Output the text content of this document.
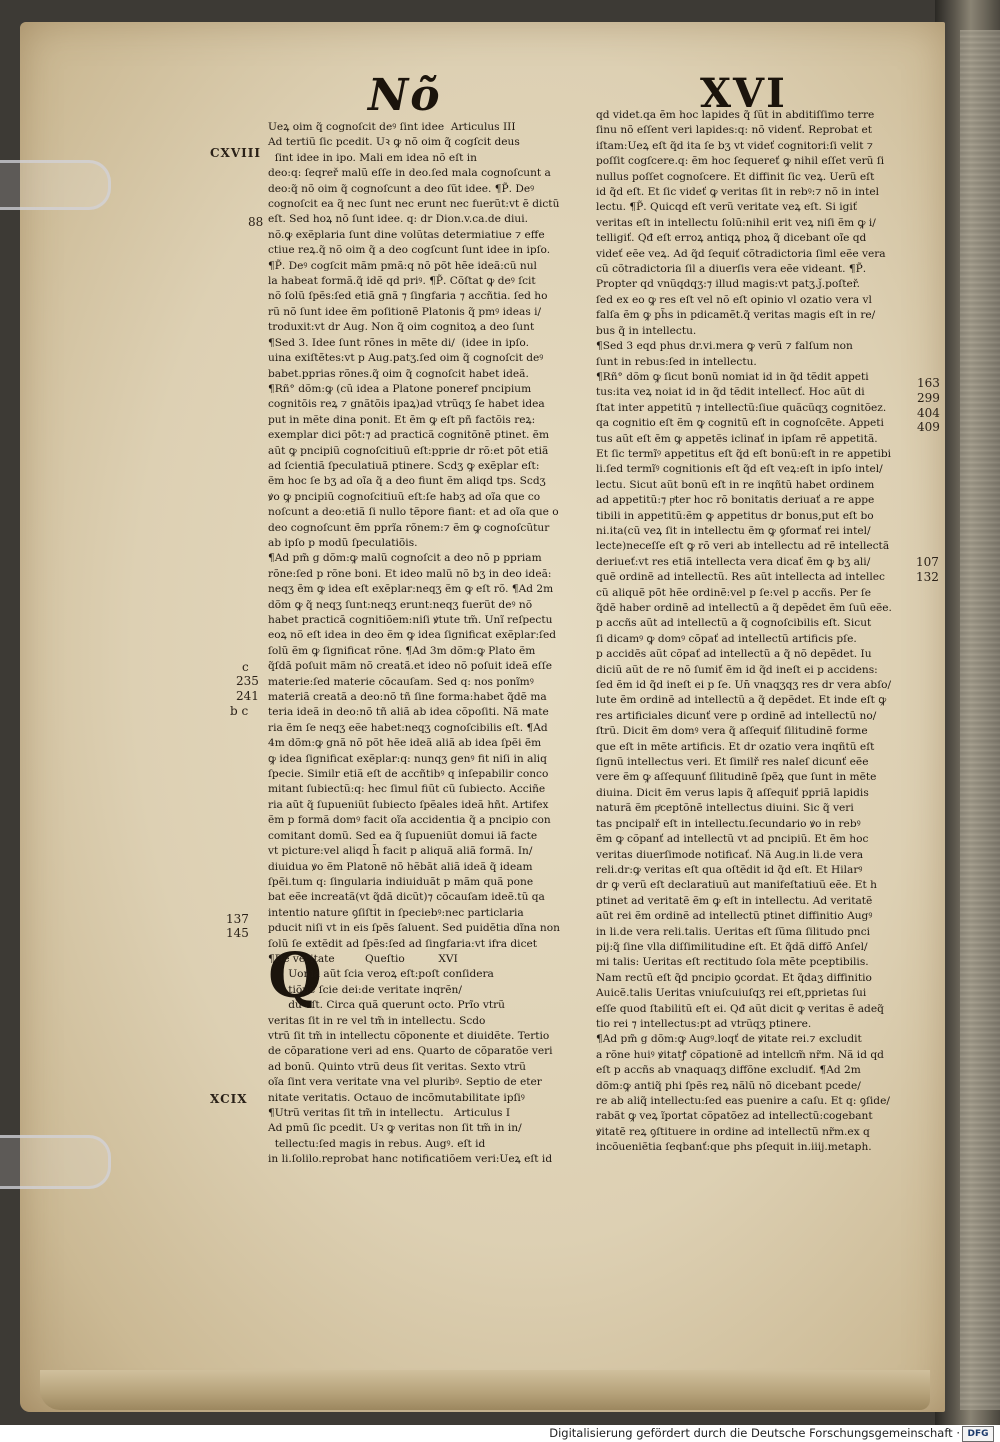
Nõ	XVI
Q
Ueꝝ oim q̃ cognoſcit deꝰ ſint idee  Articulus III
Ad tertiũ ſic pcedit. Uꝛ ꝙ nõ oim q̃ cogſcit deus
ſint idee in ipo. Mali em idea nõ eſt in
deo:q: ſeqreř malũ eſſe in deo.ſed mala cognoſcunt a
deo:q̃ nõ oim q̃ cognoſcunt a deo ſũt idee. ¶P̃. Deꝰ
cognoſcit ea q̃ nec ſunt nec erunt nec fuerũt:vt ẽ dictũ
eſt. Sed hoꝝ nõ ſunt idee. q: dr Dion.v.ca.de diui.
nõ.ꝙ exẽplaria ſunt dine volũtas determiatiue ⁊ effe
ctiue reꝝ.q̃ nõ oim q̃ a deo cogſcunt ſunt idee in ipſo.
¶P̃. Deꝰ cogſcit mãm pmã:q nõ põt hẽe ideã:cũ nul
la habeat formã.q̃ idẽ qd priꝰ. ¶P̃. Cõſtat ꝙ deꝰ ſcit
nõ ſolũ ſpẽs:ſed etiã gnã ⁊ ſingfaria ⁊ accñtia. ſed ho
rũ nõ ſunt idee ẽm poſitionẽ Platonis q̃ pmꝰ ideas i/
troduxit:vt dr Aug. Non q̃ oim cognitoꝝ a deo ſunt
¶Sed 3. Idee ſunt rõnes in mẽte di/  (idee in ipſo.
uina exiſtẽtes:vt p Aug.patʒ.ſed oim q̃ cognoſcit deꝰ
babet.pprias rõnes.q̃ oim q̃ cognoſcit habet ideã.
¶Rñ° dõm:ꝙ (cũ idea a Platone poneref pncipium
cognitõis reꝝ ⁊ gnãtõis ipaꝝ)ad vtrũqʒ ſe habet idea
put in mẽte dina ponit. Et ẽm ꝙ eſt pñ factõis reꝝ:
exemplar dici põt:⁊ ad practicã cognitõnẽ ptinet. ẽm
aũt ꝙ pncipiũ cognoſcitiuũ eſt:pprie dr rõ:et põt etiã
ad ſcientiã ſpeculatiuã ptinere. Scdʒ ꝙ exẽplar eſt:
ẽm hoc ſe bʒ ad oĩa q̃ a deo fiunt ẽm aliqd tps. Scdʒ
ꝟo ꝙ pncipiũ cognoſcitiuũ eſt:ſe habʒ ad oĩa que co
noſcunt a deo:etiã ſi nullo tẽpore fiant: et ad oĩa que o
deo cognoſcunt ẽm pprĩa rõnem:⁊ ẽm ꝙ cognoſcũtur
ab ipſo p modũ ſpeculatiõis.
¶Ad pm̃ g dõm:ꝙ malũ cognoſcit a deo nõ p ppriam
rõne:ſed p rõne boni. Et ideo malũ nõ bʒ in deo ideã:
neqʒ ẽm ꝙ idea eſt exẽplar:neqʒ ẽm ꝙ eſt rõ. ¶Ad 2m
dõm ꝙ q̃ neqʒ ſunt:neqʒ erunt:neqʒ fuerũt deꝰ nõ
habet practicã cognitiõem:niſi ꝟtute tm̃. Unĩ reſpectu
eoꝝ nõ eſt idea in deo ẽm ꝙ idea ſignificat exẽplar:ſed
ſolũ ẽm ꝙ ſignificat rõne. ¶Ad 3m dõm:ꝙ Plato ẽm
q̃ſdã poſuit mãm nõ creatã.et ideo nõ poſuit ideã eſſe
materie:ſed materie cõcauſam. Sed q: nos ponĩmꝰ
materiã creatã a deo:nõ tñ ſine forma:habet q̃dẽ ma
teria ideã in deo:nõ tñ aliã ab idea cõpoſiti. Nã mate
ria ẽm ſe neqʒ eẽe habet:neqʒ cognoſcibilis eſt. ¶Ad
4m dõm:ꝙ gnã nõ põt hẽe ideã aliã ab idea ſpẽi ẽm
ꝙ idea ſignificat exẽplar:q: nunqʒ genꝰ fit niſi in aliq
ſpecie. Similr etiã eſt de accñtibꝰ q inſepabilir conco
mitant ſubiectũ:q: hec ſimul fiũt cũ ſubiecto. Acciñe
ria aũt q̃ ſupueniũt ſubiecto ſpẽales ideã hñt. Artifex
ẽm p formã domꝰ facit oĩa accidentia q̃ a pncipio con
comitant domũ. Sed ea q̃ ſupueniũt domui iã facte
vt picture:vel aliqd h̃ facit p aliquã aliã formã. In/
diuidua ꝟo ẽm Platonẽ nõ hẽbãt aliã ideã q̃ ideam
ſpẽi.tum q: ſingularia indiuiduãt p mãm quã pone
bat eẽe increatã(vt q̃dã dicũt)⁊ cõcauſam ideẽ.tũ qa
intentio nature ꝯſiſtit in ſpeciebꝰ:nec particlaria
pducit niſi vt in eis ſpẽs ſaluent. Sed puidẽtia dĩna non
ſolũ ſe extẽdit ad ſpẽs:ſed ad ſingfaria:vt ifra dicet
¶De veritate         Queſtio          XVI
Uonĩa aũt ſcia veroꝝ eſt:poſt conſidera
tiõnẽ ſcie dei:de veritate inqrẽn/
dũ eſt. Circa quã querunt octo. Prĩo vtrũ
veritas ſit in re vel tm̃ in intellectu. Scdo
vtrũ ſit tm̃ in intellectu cõponente et diuidẽte. Tertio
de cõparatione veri ad ens. Quarto de cõparatõe veri
ad bonũ. Quinto vtrũ deus ſit veritas. Sexto vtrũ
oĩa ſint vera veritate vna vel pluribꝰ. Septio de eter
nitate veritatis. Octauo de incõmutabilitate ipſiꝰ
¶Utrũ veritas ſit tm̃ in intellectu.   Articulus I
Ad pmũ ſic pcedit. Uꝛ ꝙ veritas non ſit tm̃ in in/
tellectu:ſed magis in rebus. Augꝰ. eſt id
in li.ſolilo.reprobat hanc notificatiõem veri:Ueꝝ eſt id
qd videt.qa ẽm hoc lapides q̃ ſũt in abditiſſimo terre
ſinu nõ eſſent veri lapides:q: nõ videnť. Reprobat et
iſtam:Ueꝝ eſt q̃d ita ſe bʒ vt videť cognitori:ſi velit ⁊
poſſit cogſcere.q: ẽm hoc ſequereť ꝙ nihil eſſet verũ ſi
nullus poſſet cognoſcere. Et diffinit ſic veꝝ. Uerũ eſt
id q̃d eſt. Et ſic videť ꝙ veritas ſit in rebꝰ:⁊ nõ in intel
lectu. ¶P̃. Quicqd eſt verũ veritate veꝝ eſt. Si igiť
veritas eſt in intellectu ſolũ:nihil erit veꝝ niſi ẽm ꝙ i/
telligiť. Qđ eſt erroꝝ antiqꝝ phoꝝ q̃ dicebant oĩe qd
videť eẽe veꝝ. Ad q̃d ſequiť cõtradictoria ſiml eẽe vera
cũ cõtradictoria ſil a diuerſis vera eẽe videant. ¶P̃.
Propter qd vnũqdqʒ:⁊ illud magis:vt patʒ.ǰ.poſteř.
ſed ex eo ꝙ res eſt vel nõ eſt opinio vl ozatio vera vl
falſa ẽm ꝙ ph̃s in pdicamẽt.q̃ veritas magis eſt in re/
bus q̃ in intellectu.
¶Sed 3 eqd phus dr.vi.mera ꝙ verũ ⁊ falſum non
ſunt in rebus:ſed in intellectu.
¶Rñ° dõm ꝙ ſicut bonũ nomiat id in q̃d tẽdit appeti
tus:ita veꝝ noiat id in q̃d tẽdit intellecť. Hoc aũt di
ſtat inter appetitũ ⁊ intellectũ:ſiue quãcũqʒ cognitõez.
qa cognitio eſt ẽm ꝙ cognitũ eſt in cognoſcẽte. Appeti
tus aũt eſt ẽm ꝙ appetẽs iclinať in ipſam rẽ appetitã.
Et ſic termĩꝰ appetitus eſt q̃d eſt bonũ:eſt in re appetibi
li.ſed termĩꝰ cognitionis eſt q̃d eſt veꝝ:eſt in ipſo intel/
lectu. Sicut aũt bonũ eſt in re inqñtũ habet ordinem
ad appetitũ:⁊ pͥter hoc rõ bonitatis deriuať a re appe
tibili in appetitũ:ẽm ꝙ appetitus dr bonus,put eſt bo
ni.ita(cũ veꝝ ſit in intellectu ẽm ꝙ ꝯformať rei intel/
lecte)neceſſe eſt ꝙ rõ veri ab intellectu ad rẽ intellectã
deriueť:vt res etiã intellecta vera dicať ẽm ꝙ bʒ ali/
quẽ ordinẽ ad intellectũ. Res aũt intellecta ad intellec
cũ aliquẽ põt hẽe ordinẽ:vel p ſe:vel p accñs. Per ſe
q̃dẽ haber ordinẽ ad intellectũ a q̃ depẽdet ẽm ſuũ eẽe.
p accñs aũt ad intellectũ a q̃ cognoſcibilis eſt. Sicut
ſi dicamꝰ ꝙ domꝰ cõpať ad intellectũ artificis pſe.
p accidẽs aũt cõpať ad intellectũ a q̃ nõ depẽdet. Iu
diciũ aũt de re nõ ſumiť ẽm id q̃d ineſt ei p accidens:
ſed ẽm id q̃d ineſt ei p ſe. Un̄ vnaqʒqʒ res dr vera abſo/
lute ẽm ordinẽ ad intellectũ a q̃ depẽdet. Et inde eſt ꝙ
res artificiales dicunť vere p ordinẽ ad intellectũ no/
ſtrũ. Dicit ẽm domꝰ vera q̃ aſſequiť ſilitudinẽ forme
que eſt in mẽte artificis. Et dr ozatio vera inqñtũ eſt
ſignũ intellectus veri. Et ſimilř res naleſ dicunť eẽe
vere ẽm ꝙ aſſequunť ſilitudinẽ ſpẽꝝ que ſunt in mẽte
diuina. Dicit ẽm verus lapis q̃ aſſequiť ppriã lapidis
naturã ẽm pͦceptõnẽ intellectus diuini. Sic q̃ veri
tas pncipalř eſt in intellectu.ſecundario ꝟo in rebꝰ
ẽm ꝙ cõpanť ad intellectũ vt ad pncipiũ. Et ẽm hoc
veritas diuerſimode notificať. Nã Aug.in li.de vera
reli.dr:ꝙ veritas eſt qua oſtẽdit id q̃d eſt. Et Hilarꝰ
dr ꝙ verũ eſt declaratiuũ aut manifeſtatiuũ eẽe. Et h
ptinet ad veritatẽ ẽm ꝙ eſt in intellectu. Ad veritatẽ
aũt rei ẽm ordinẽ ad intellectũ ptinet diffinitio Augꝰ
in li.de vera reli.talis. Ueritas eſt ſũma ſilitudo pnci
pij:q̃ ſine vlla diſſimilitudine eſt. Et q̃dã diffõ Anſel/
mi talis: Ueritas eſt rectitudo ſola mẽte pceptibilis.
Nam rectũ eſt q̃d pncipio ꝯcordat. Et q̃daʒ diffinitio
Auicẽ.talis Ueritas vniuſcuiuſqʒ rei eſt,pprietas ſui
eſſe quod ſtabilitũ eſt ei. Qđ aũt dicit ꝙ veritas ẽ adeq̃
tio rei ⁊ intellectus:pt ad vtrũqʒ ptinere.
¶Ad pm̃ g dõm:ꝙ Augꝰ.loqť de ꝟitate rei.⁊ excludit
a rõne huiꝰ ꝟitatꝭ cõpationẽ ad intellcm̃ nr̃m. Nã id qd
eſt p accñs ab vnaquaqʒ diffõne excludiť. ¶Ad 2m
dõm:ꝙ antiq̃ phi ſpẽs reꝝ nãlũ nõ dicebant pcede/
re ab aliq̃ intellectu:ſed eas puenire a caſu. Et q: ꝯſide/
rabãt ꝙ veꝝ ĩportat cõpatõez ad intellectũ:cogebant
ꝟitatẽ reꝝ ꝯſtituere in ordine ad intellectũ nr̃m.ex q
incõueniẽtia ſeqbanť:que phs pſequit in.iiij.metaph.
CXVIII
88
c
235
241
b c
137
145
XCIX
163
299
404
409
107
132
Digitalisierung gefördert durch die Deutsche Forschungsgemeinschaft · DFG
